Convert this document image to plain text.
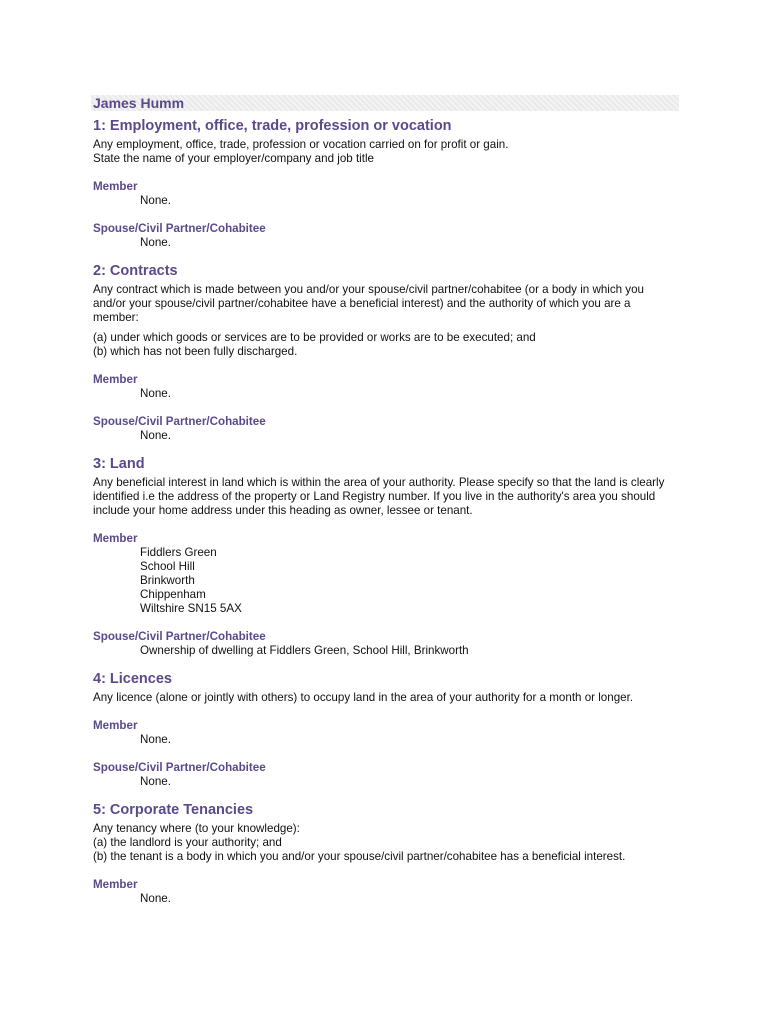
James Humm
1: Employment, office, trade, profession or vocation

Any employment, office, trade, profession or vocation carried on for profit or gain.

State the name of your employer/company and job title

Member
None.
Spouse/Civil Partner/Cohabitee
None.
2: Contracts

Any contract which is made between you and/or your spouse/civil partner/cohabitee (or a body in which you and/or your spouse/civil partner/cohabitee have a beneficial interest) and the authority of which you are a member:

(a) under which goods or services are to be provided or works are to be executed; and

(b) which has not been fully discharged.

Member
None.
Spouse/Civil Partner/Cohabitee
None.
3: Land

Any beneficial interest in land which is within the area of your authority. Please specify so that the land is clearly identified i.e the address of the property or Land Registry number. If you live in the authority's area you should include your home address under this heading as owner, lessee or tenant.

Member
Fiddlers Green
School Hill
Brinkworth
Chippenham
Wiltshire SN15 5AX
Spouse/Civil Partner/Cohabitee
Ownership of dwelling at Fiddlers Green, School Hill, Brinkworth
4: Licences

Any licence (alone or jointly with others) to occupy land in the area of your authority for a month or longer.

Member
None.
Spouse/Civil Partner/Cohabitee
None.
5: Corporate Tenancies

Any tenancy where (to your knowledge):

(a) the landlord is your authority; and

(b) the tenant is a body in which you and/or your spouse/civil partner/cohabitee has a beneficial interest.

Member
None.
